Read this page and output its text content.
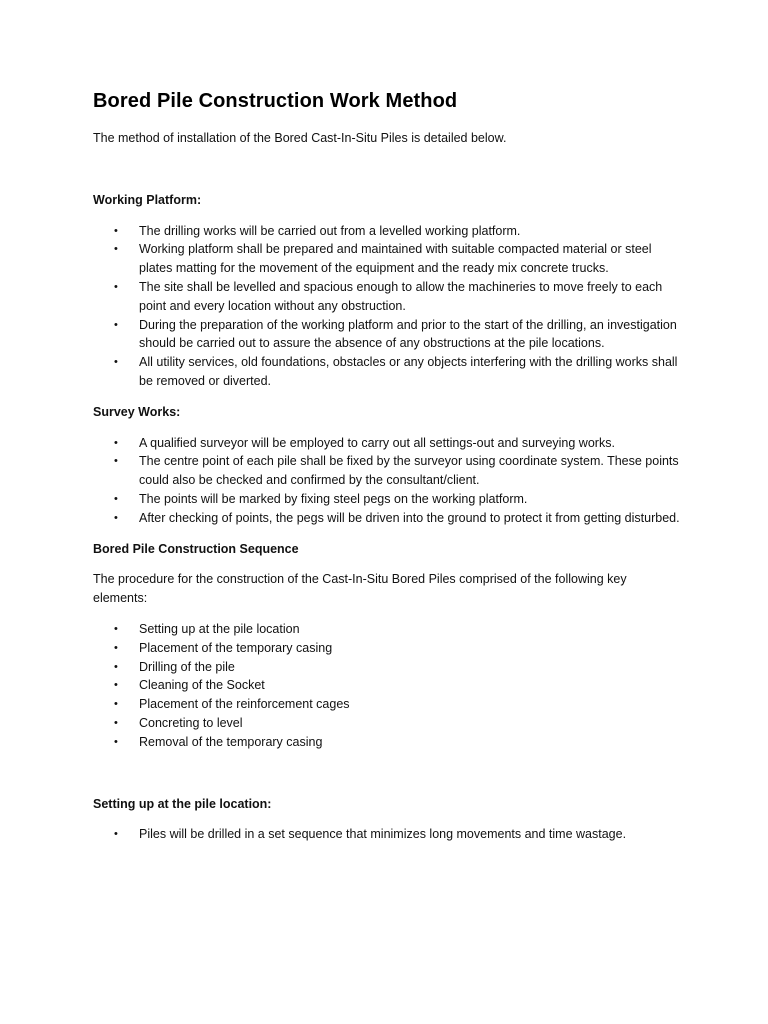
Bored Pile Construction Work Method

The method of installation of the Bored Cast-In-Situ Piles is detailed below.

Working Platform:

• The drilling works will be carried out from a levelled working platform.
• Working platform shall be prepared and maintained with suitable compacted material or steel plates matting for the movement of the equipment and the ready mix concrete trucks.
• The site shall be levelled and spacious enough to allow the machineries to move freely to each point and every location without any obstruction.
• During the preparation of the working platform and prior to the start of the drilling, an investigation should be carried out to assure the absence of any obstructions at the pile locations.
• All utility services, old foundations, obstacles or any objects interfering with the drilling works shall be removed or diverted.

Survey Works:

• A qualified surveyor will be employed to carry out all settings-out and surveying works.
• The centre point of each pile shall be fixed by the surveyor using coordinate system. These points could also be checked and confirmed by the consultant/client.
• The points will be marked by fixing steel pegs on the working platform.
• After checking of points, the pegs will be driven into the ground to protect it from getting disturbed.

Bored Pile Construction Sequence

The procedure for the construction of the Cast-In-Situ Bored Piles comprised of the following key elements:

• Setting up at the pile location
• Placement of the temporary casing
• Drilling of the pile
• Cleaning of the Socket
• Placement of the reinforcement cages
• Concreting to level
• Removal of the temporary casing

Setting up at the pile location:

• Piles will be drilled in a set sequence that minimizes long movements and time wastage.
